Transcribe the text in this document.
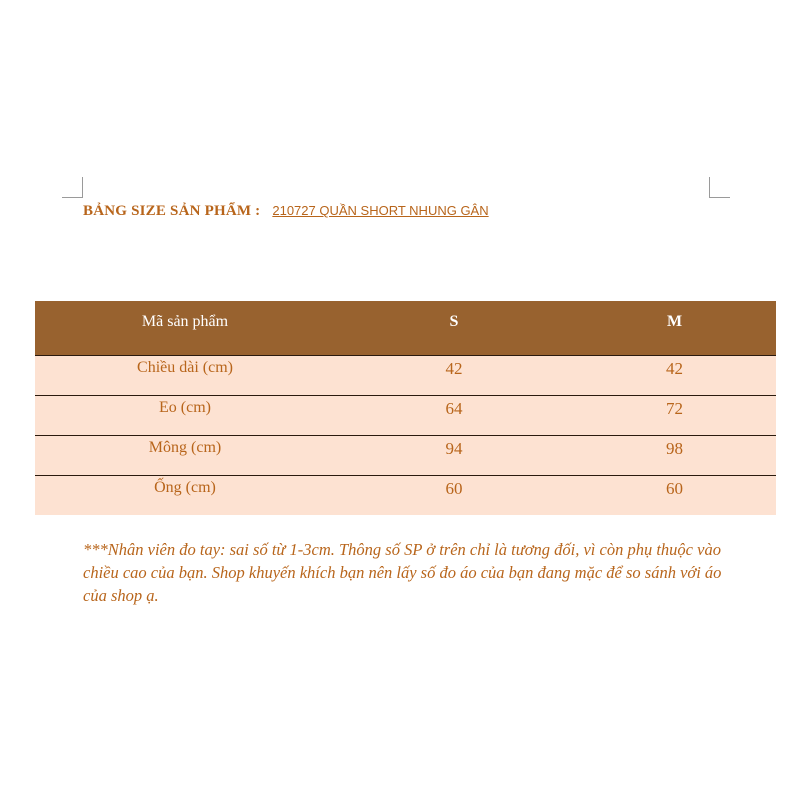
BẢNG SIZE SẢN PHẨM : 210727 QUẦN SHORT NHUNG GÂN
Mã sản phẩm	S	M
Chiều dài (cm)	42	42
Eo (cm)	64	72
Mông (cm)	94	98
Ống (cm)	60	60

***Nhân viên đo tay: sai số từ 1-3cm. Thông số SP ở trên chỉ là tương đối, vì còn phụ thuộc vào chiều cao của bạn. Shop khuyến khích bạn nên lấy số đo áo của bạn đang mặc để so sánh với áo của shop ạ.
